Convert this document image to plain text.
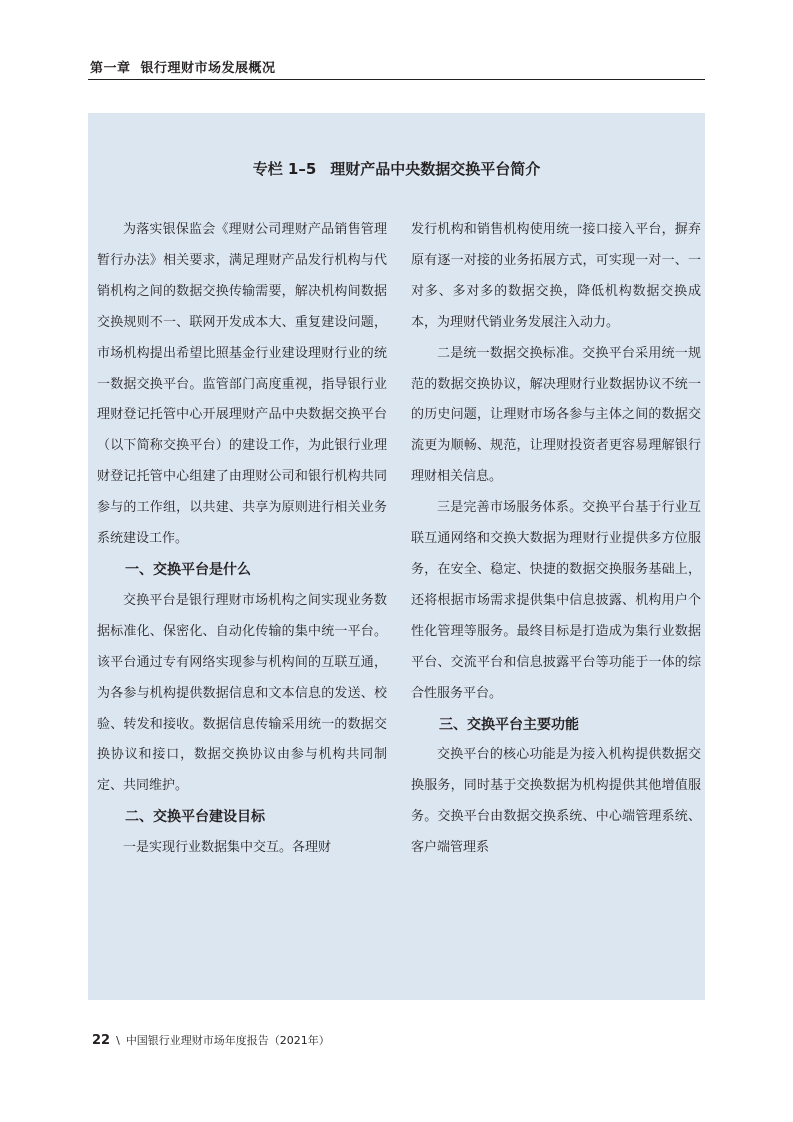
第一章 银行理财市场发展概况
专栏 1–5 理财产品中央数据交换平台简介

为落实银保监会《理财公司理财产品销售管理暂行办法》相关要求，满足理财产品发行机构与代销机构之间的数据交换传输需要，解决机构间数据交换规则不一、联网开发成本大、重复建设问题，市场机构提出希望比照基金行业建设理财行业的统一数据交换平台。监管部门高度重视，指导银行业理财登记托管中心开展理财产品中央数据交换平台（以下简称交换平台）的建设工作，为此银行业理财登记托管中心组建了由理财公司和银行机构共同参与的工作组，以共建、共享为原则进行相关业务系统建设工作。

一、交换平台是什么

交换平台是银行理财市场机构之间实现业务数据标准化、保密化、自动化传输的集中统一平台。该平台通过专有网络实现参与机构间的互联互通，为各参与机构提供数据信息和文本信息的发送、校验、转发和接收。数据信息传输采用统一的数据交换协议和接口，数据交换协议由参与机构共同制定、共同维护。

二、交换平台建设目标

一是实现行业数据集中交互。各理财

发行机构和销售机构使用统一接口接入平台，摒弃原有逐一对接的业务拓展方式，可实现一对一、一对多、多对多的数据交换，降低机构数据交换成本，为理财代销业务发展注入动力。

二是统一数据交换标准。交换平台采用统一规范的数据交换协议，解决理财行业数据协议不统一的历史问题，让理财市场各参与主体之间的数据交流更为顺畅、规范，让理财投资者更容易理解银行理财相关信息。

三是完善市场服务体系。交换平台基于行业互联互通网络和交换大数据为理财行业提供多方位服务，在安全、稳定、快捷的数据交换服务基础上，还将根据市场需求提供集中信息披露、机构用户个性化管理等服务。最终目标是打造成为集行业数据平台、交流平台和信息披露平台等功能于一体的综合性服务平台。

三、交换平台主要功能

交换平台的核心功能是为接入机构提供数据交换服务，同时基于交换数据为机构提供其他增值服务。交换平台由数据交换系统、中心端管理系统、客户端管理系

22 \ 中国银行业理财市场年度报告（2021年）
